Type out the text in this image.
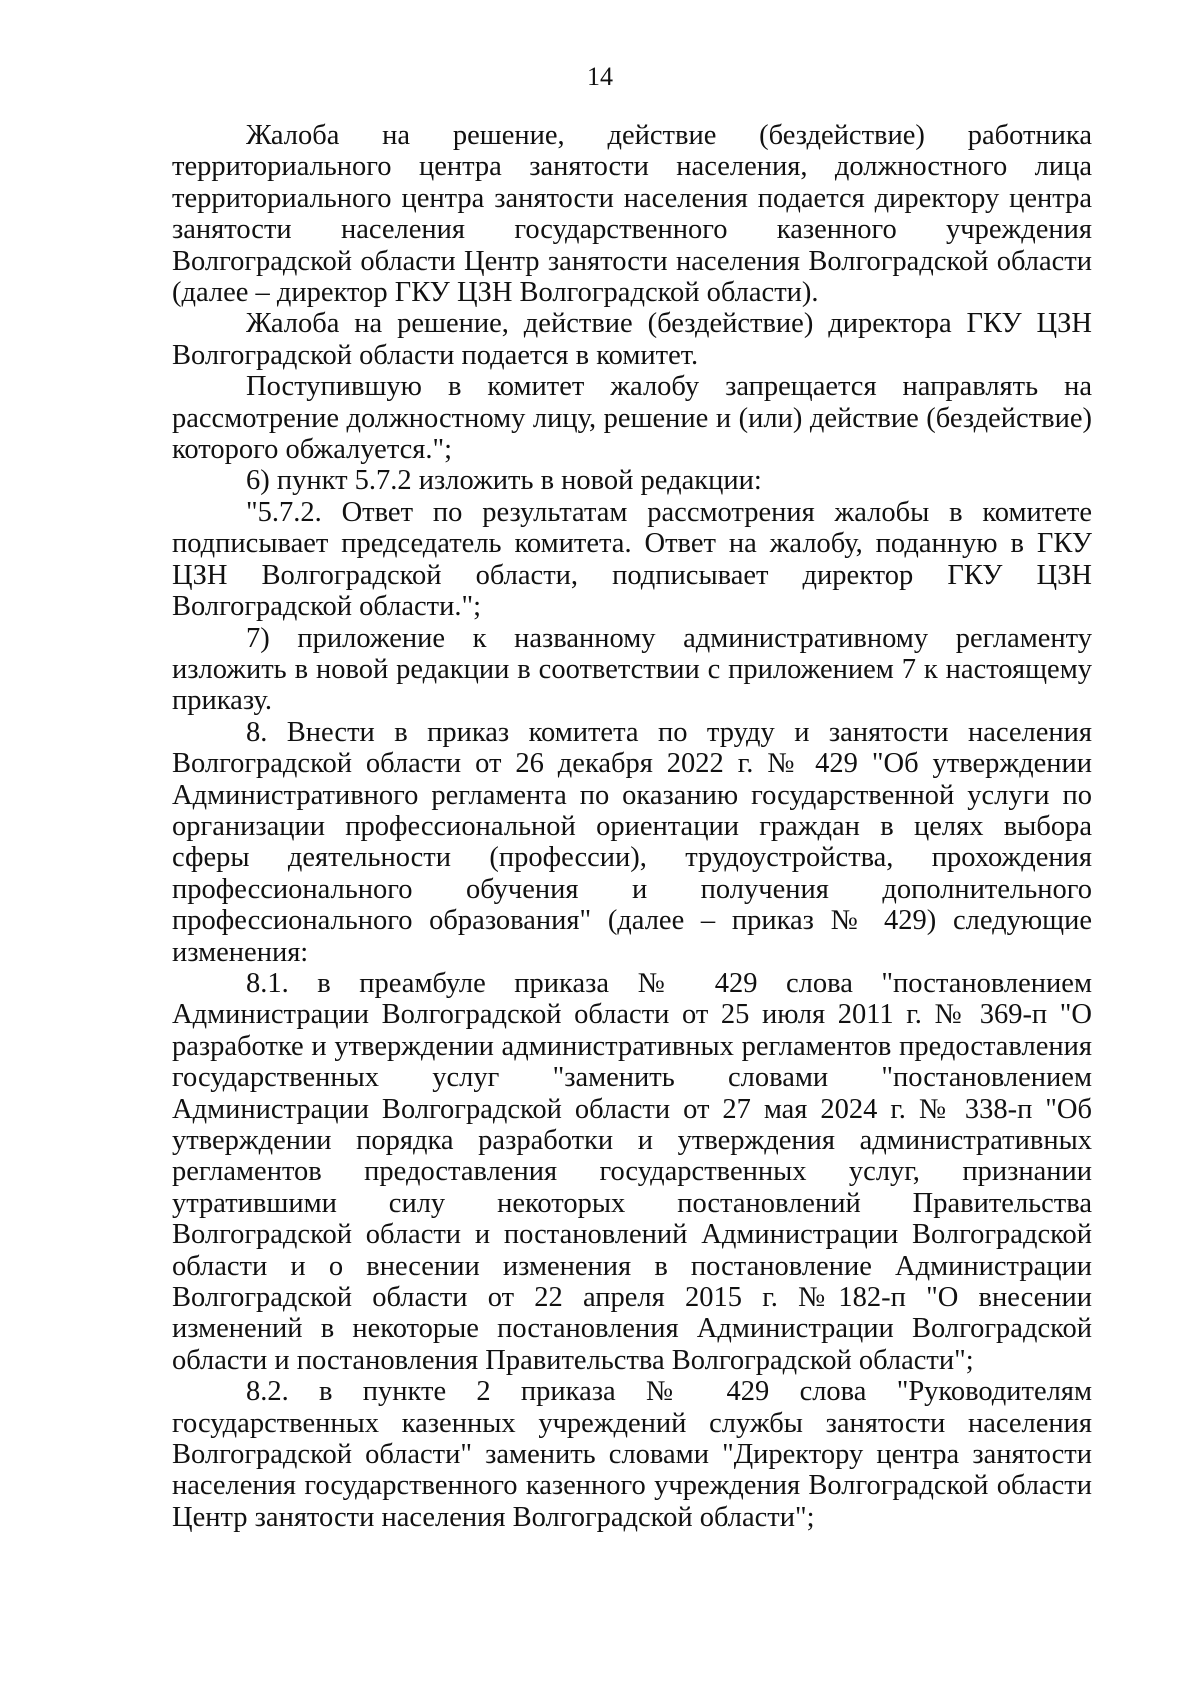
14

Жалоба на решение, действие (бездействие) работника территориального центра занятости населения, должностного лица территориального центра занятости населения подается директору центра занятости населения государственного казенного учреждения Волгоградской области Центр занятости населения Волгоградской области (далее – директор ГКУ ЦЗН Волгоградской области).

Жалоба на решение, действие (бездействие) директора ГКУ ЦЗН Волгоградской области подается в комитет.

Поступившую в комитет жалобу запрещается направлять на рассмотрение должностному лицу, решение и (или) действие (бездействие) которого обжалуется.";

6) пункт 5.7.2 изложить в новой редакции:

"5.7.2. Ответ по результатам рассмотрения жалобы в комитете подписывает председатель комитета. Ответ на жалобу, поданную в ГКУ ЦЗН Волгоградской области, подписывает директор ГКУ ЦЗН Волгоградской области.";

7) приложение к названному административному регламенту изложить в новой редакции в соответствии с приложением 7 к настоящему приказу.

8. Внести в приказ комитета по труду и занятости населения Волгоградской области от 26 декабря 2022 г. № 429 "Об утверждении Административного регламента по оказанию государственной услуги по организации профессиональной ориентации граждан в целях выбора сферы деятельности (профессии), трудоустройства, прохождения профессионального обучения и получения дополнительного профессионального образования" (далее – приказ № 429) следующие изменения:

8.1. в преамбуле приказа № 429 слова "постановлением Администрации Волгоградской области от 25 июля 2011 г. № 369-п "О разработке и утверждении административных регламентов предоставления государственных услуг "заменить словами "постановлением Администрации Волгоградской области от 27 мая 2024 г. № 338-п "Об утверждении порядка разработки и утверждения административных регламентов предоставления государственных услуг, признании утратившими силу некоторых постановлений Правительства Волгоградской области и постановлений Администрации Волгоградской области и о внесении изменения в постановление Администрации Волгоградской области от 22 апреля 2015 г. №182-п "О внесении изменений в некоторые постановления Администрации Волгоградской области и постановления Правительства Волгоградской области";

8.2. в пункте 2 приказа № 429 слова "Руководителям государственных казенных учреждений службы занятости населения Волгоградской области" заменить словами "Директору центра занятости населения государственного казенного учреждения Волгоградской области Центр занятости населения Волгоградской области";
